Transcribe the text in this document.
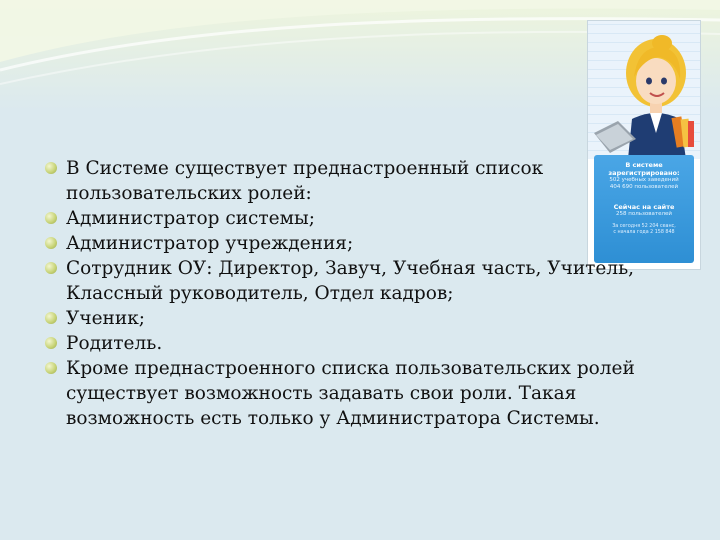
В системе зарегистрировано:
502 учебных заведений
404 690 пользователей
Сейчас на сайте
258 пользователей
За сегодня 52 204 сеанс,
с начала года 2 158 848
В Системе существует преднастроенный список пользовательских ролей:
Администратор системы;
Администратор учреждения;
Сотрудник ОУ: Директор, Завуч, Учебная часть, Учитель, Классный руководитель, Отдел кадров;
Ученик;
Родитель.
Кроме преднастроенного списка пользовательских ролей существует возможность задавать свои роли. Такая возможность есть только у Администратора Системы.
